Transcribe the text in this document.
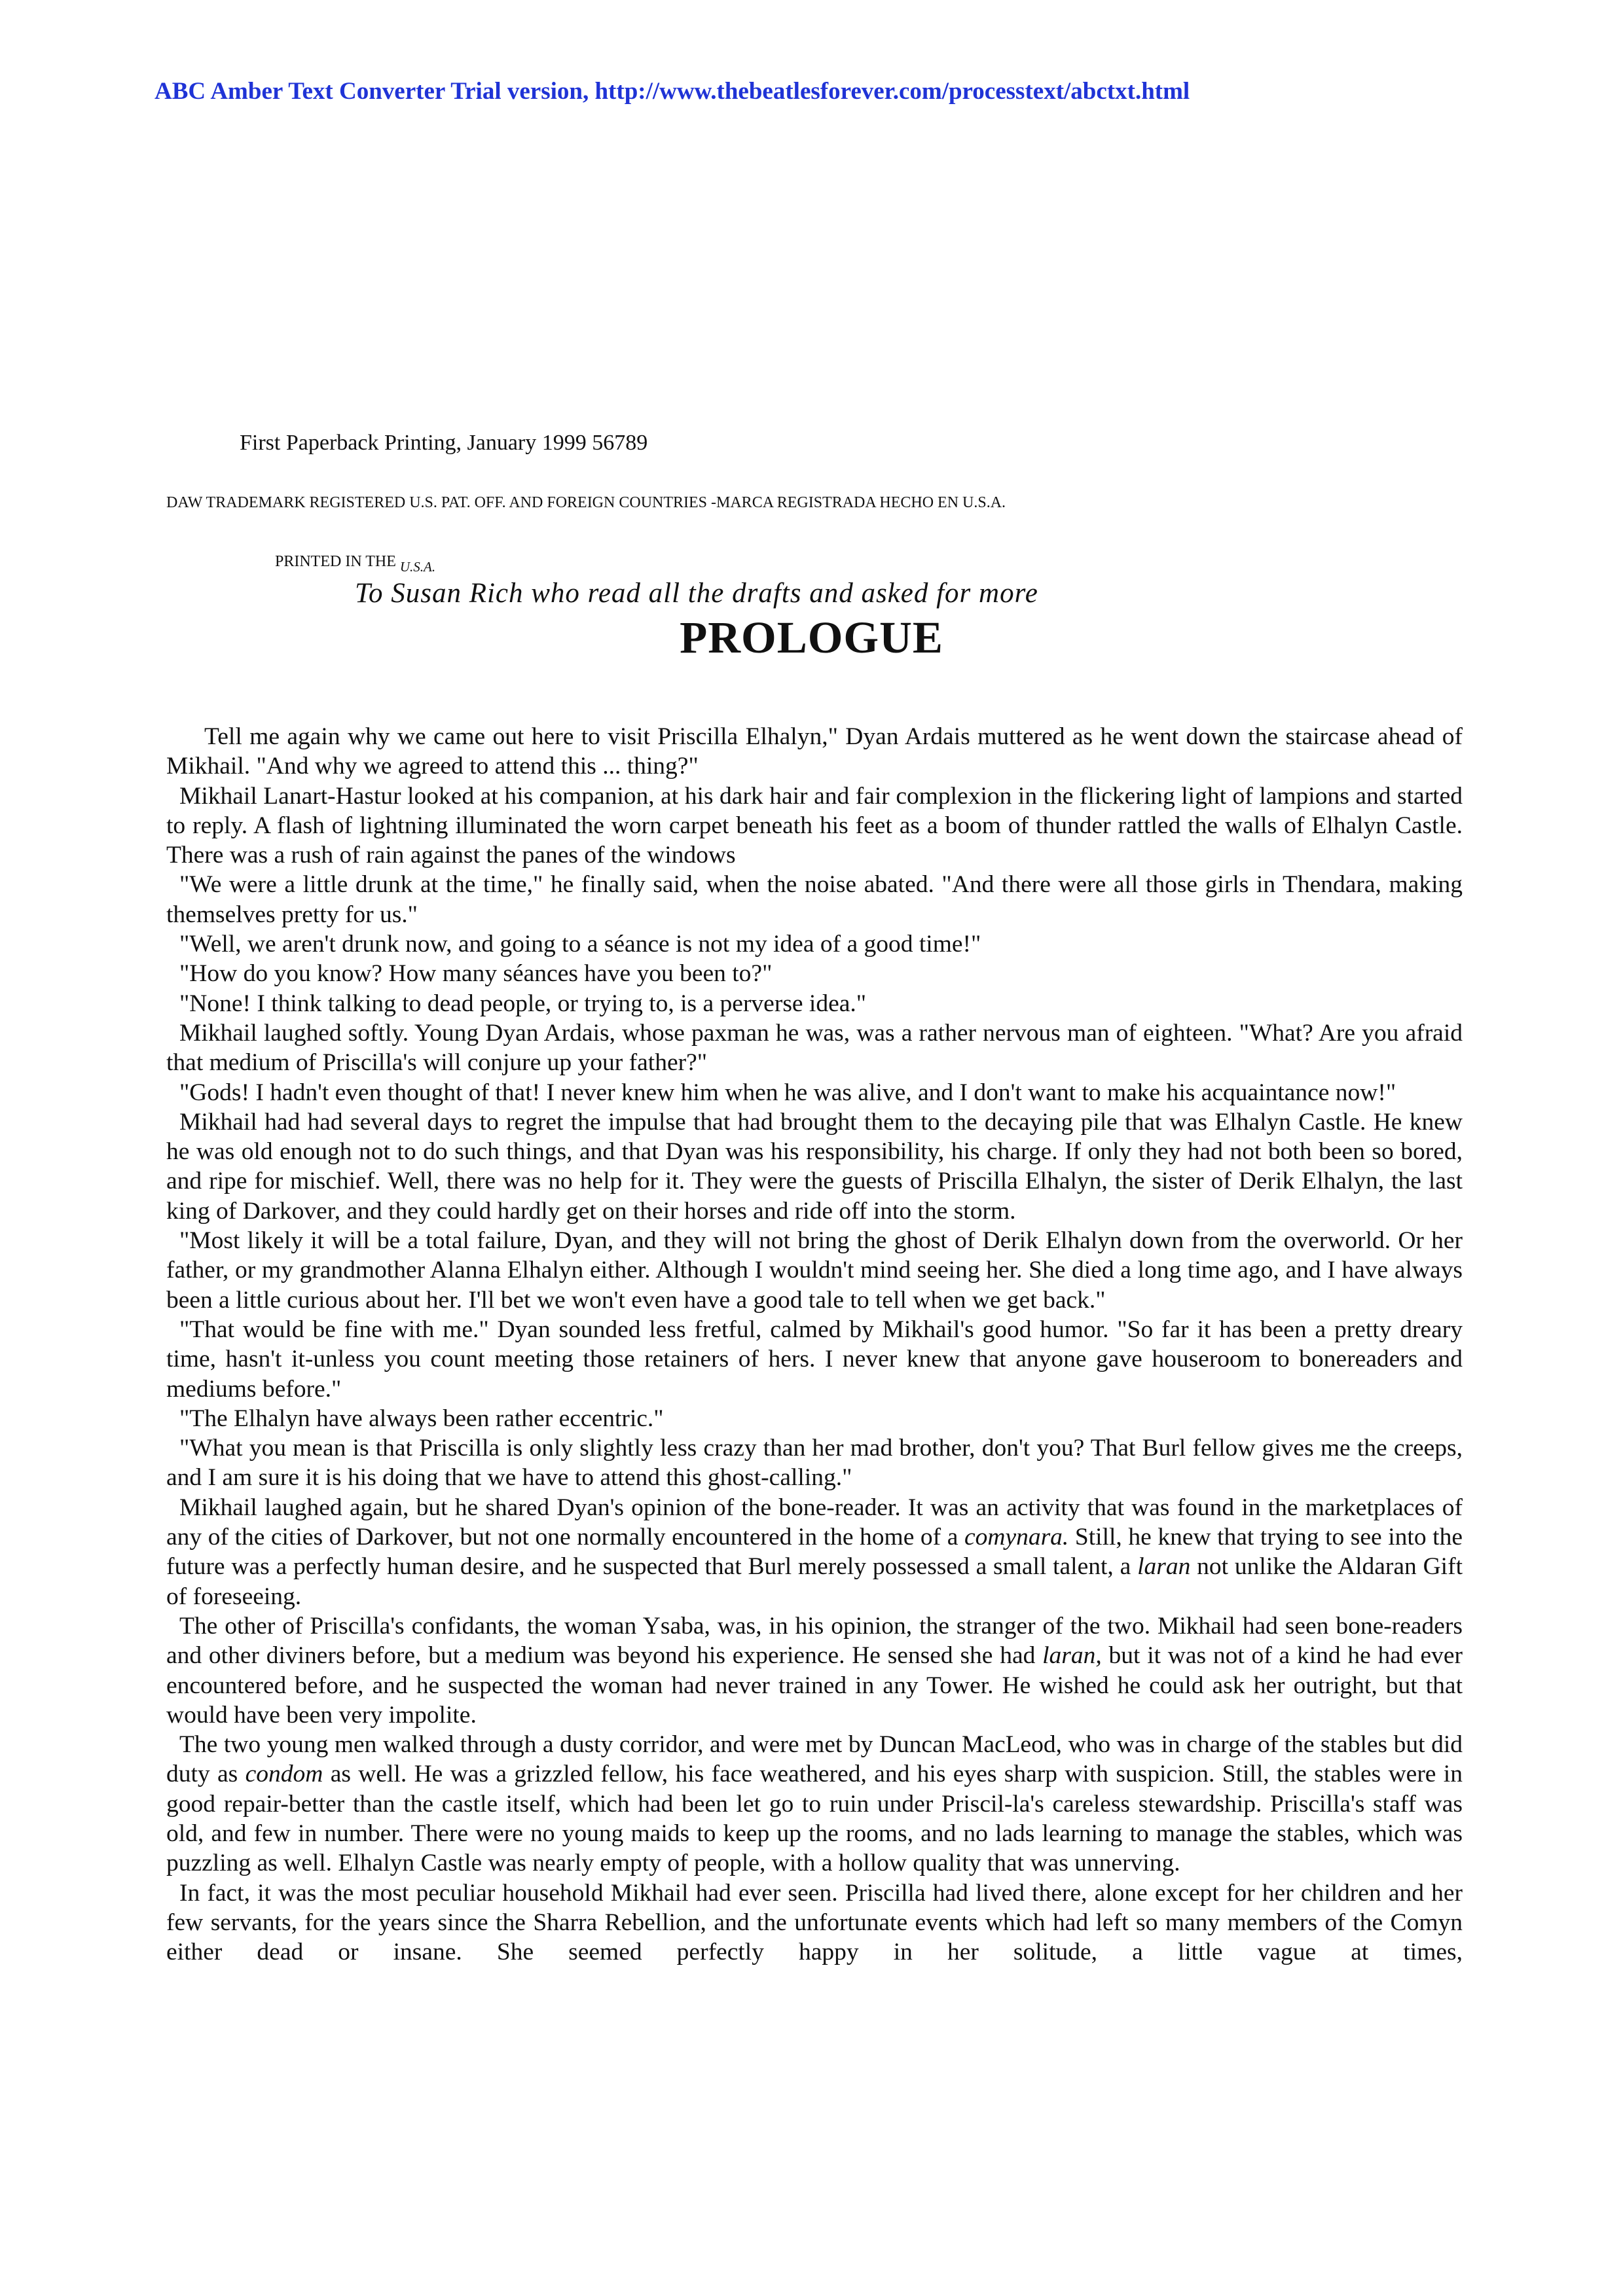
ABC Amber Text Converter Trial version, http://www.thebeatlesforever.com/processtext/abctxt.html
First Paperback Printing, January 1999 56789
DAW TRADEMARK REGISTERED U.S. PAT. OFF. AND FOREIGN COUNTRIES -MARCA REGISTRADA HECHO EN U.S.A.
PRINTED IN THE U.S.A.
To Susan Rich who read all the drafts and asked for more
PROLOGUE

Tell me again why we came out here to visit Priscilla Elhalyn," Dyan Ardais muttered as he went down the staircase ahead of Mikhail. "And why we agreed to attend this ... thing?"

Mikhail Lanart-Hastur looked at his companion, at his dark hair and fair complexion in the flickering light of lampions and started to reply. A flash of lightning illuminated the worn carpet beneath his feet as a boom of thunder rattled the walls of Elhalyn Castle. There was a rush of rain against the panes of the windows

"We were a little drunk at the time," he finally said, when the noise abated. "And there were all those girls in Thendara, making themselves pretty for us."

"Well, we aren't drunk now, and going to a séance is not my idea of a good time!"

"How do you know? How many séances have you been to?"

"None! I think talking to dead people, or trying to, is a perverse idea."

Mikhail laughed softly. Young Dyan Ardais, whose paxman he was, was a rather nervous man of eighteen. "What? Are you afraid that medium of Priscilla's will conjure up your father?"

"Gods! I hadn't even thought of that! I never knew him when he was alive, and I don't want to make his acquaintance now!"

Mikhail had had several days to regret the impulse that had brought them to the decaying pile that was Elhalyn Castle. He knew he was old enough not to do such things, and that Dyan was his responsibility, his charge. If only they had not both been so bored, and ripe for mischief. Well, there was no help for it. They were the guests of Priscilla Elhalyn, the sister of Derik Elhalyn, the last king of Darkover, and they could hardly get on their horses and ride off into the storm.

"Most likely it will be a total failure, Dyan, and they will not bring the ghost of Derik Elhalyn down from the overworld. Or her father, or my grandmother Alanna Elhalyn either. Although I wouldn't mind seeing her. She died a long time ago, and I have always been a little curious about her. I'll bet we won't even have a good tale to tell when we get back."

"That would be fine with me." Dyan sounded less fretful, calmed by Mikhail's good humor. "So far it has been a pretty dreary time, hasn't it-unless you count meeting those retainers of hers. I never knew that anyone gave houseroom to bonereaders and mediums before."

"The Elhalyn have always been rather eccentric."

"What you mean is that Priscilla is only slightly less crazy than her mad brother, don't you? That Burl fellow gives me the creeps, and I am sure it is his doing that we have to attend this ghost-calling."

Mikhail laughed again, but he shared Dyan's opinion of the bone-reader. It was an activity that was found in the marketplaces of any of the cities of Darkover, but not one normally encountered in the home of a comynara. Still, he knew that trying to see into the future was a perfectly human desire, and he suspected that Burl merely possessed a small talent, a laran not unlike the Aldaran Gift of foreseeing.

The other of Priscilla's confidants, the woman Ysaba, was, in his opinion, the stranger of the two. Mikhail had seen bone-readers and other diviners before, but a medium was beyond his experience. He sensed she had laran, but it was not of a kind he had ever encountered before, and he suspected the woman had never trained in any Tower. He wished he could ask her outright, but that would have been very impolite.

The two young men walked through a dusty corridor, and were met by Duncan MacLeod, who was in charge of the stables but did duty as condom as well. He was a grizzled fellow, his face weathered, and his eyes sharp with suspicion. Still, the stables were in good repair-better than the castle itself, which had been let go to ruin under Priscil-la's careless stewardship. Priscilla's staff was old, and few in number. There were no young maids to keep up the rooms, and no lads learning to manage the stables, which was puzzling as well. Elhalyn Castle was nearly empty of people, with a hollow quality that was unnerving.

In fact, it was the most peculiar household Mikhail had ever seen. Priscilla had lived there, alone except for her children and her few servants, for the years since the Sharra Rebellion, and the unfortunate events which had left so many members of the Comyn either dead or insane. She seemed perfectly happy in her solitude, a little vague at times,
